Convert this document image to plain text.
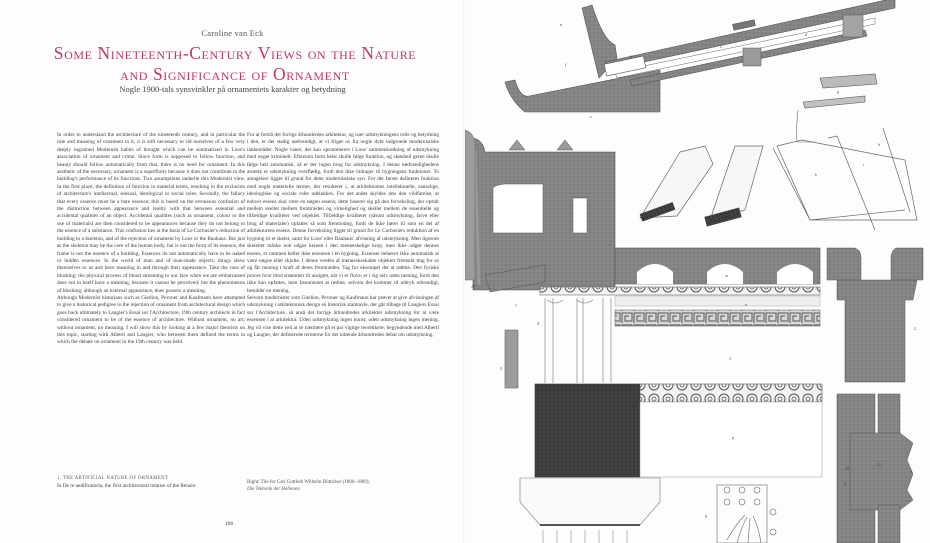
Caroline van Eck
Some Nineteenth-Century Views on the Nature
and Significance of Ornament
Nogle 1900-tals synsvinkler på ornamentets karakter og betydning

In order to understand the architecture of the nineteenth century, and in particular the role and meaning of ornament in it, it is still necessary to rid ourselves of a few very deeply ingrained Modernist habits of thought which can be summarized in Loos's association of ornament and crime. Since form is supposed to follow function, and beauty should follow automatically from that, there is no need for ornament. In this aesthetic of the necessary, ornament is a superfluity because it does not contribute to the building's performance of its functions. Two assumptions underlie this Modernist view. In the first place, the definition of function in material terms, resulting in the exclusion of architecture's intellectual, sensual, ideological or social roles. Secondly, the fallacy that every essence must be a bare essence; this is based on the erroneous confusion of the distinction between appearance and reality with that between essential and accidental qualities of an object. Accidental qualities (such as ornament, colour or the use of materials) are then considered to be appearances because they do not belong to the essence of a substance. This confusion lies at the basis of Le Corbusier's reduction of building to a skeleton, and of the rejection of ornament by Loos or the Bauhaus. But just as the skeleton may be the core of the human body, but is not the form of its essence, the frame is not the essence of a building. Essences do not automatically have to be naked or hidden essences. In the world of man and of man-made objects, things show themselves to us and have meaning in and through their appearance. Take the case of blushing: the physical process of blood streaming to our face when we are embarrassed does not in itself have a meaning, because it cannot be perceived; but the phenomenon of blushing, although an external appearance, does possess a meaning.

Although Modernist historians such as Giedion, Pevsner and Kaufmann have attempted to give a historical pedigree to the rejection of ornament from architectural design which goes back ultimately to Laugier's Essai sur l'Architecture, 19th century architects in fact considered ornament to be of the essence of architecture. Without ornament, no art; without ornament, no meaning. I will show this by looking at a few major theorists on this topic, starting with Alberti and Laugier, who between them defined the terms in which the debate on ornament in the 19th century was held.

1. THE ARTIFICIAL NATURE OF ORNAMENT
In De re aedificatoria, the first architectural treatise of the Renais-

For at forstå det forrige århundredes arkitektur, og især udsmykningens rolle og betydning i den, er det stadig nødvendigt, at vi frigør os fra nogle dybt indgroede modernistiske tankemåder. Nogle vaner, der kan opsummeres i Loos' sammenkædning af udsmykning med noget kriminelt. Eftersom form helst skulle følge funktion, og skønhed gerne skulle følge helt automatisk, så er der ingen brug for udsmykning. I denne nødvendighedens æstetik er udsmykning overflødig, fordi den ikke bidrager til bygningens funktioner. To antagelser ligger til grund for dette modernistiske syn. For det første defineres funktion med nogle materielle termer, der resulterer i, at arkitekturens intellektuelle, sanselige, ideologiske og sociale rolle udelukkes. For det andet skyldes den den vildfarelse, at enhver essens skal være en nøgen essens; dette baserer sig på den forveksling, der opstår mellem skellet mellem fremtræden og virkelighed og skellet mellem de essentielle og tilfældige kvaliteter ved objektet. Tilfældige kvaliteter (såsom udsmykning, farve eller brug af materialer) opfattes så som fremtoning, fordi de ikke hører til som en del af arkitekturens essens. Denne forveksling ligger til grund for Le Corbusiers reduktion af en bygning til et skelet, samt for Loos' eller Bauhaus' afvisning af udsmykning. Men ligesom skelettet måske nok udgør kernen i den menneskelige krop, men ikke udgør dennes essens, er rammen heller ikke essensen i en bygning. Essenser behøver ikke automatisk at være nøgne eller skjulte. I denne verden af menneskeskabte objekter fremstår ting for os og får mening i kraft af deres fremtræden. Tag for eksempel det at rødme. Den fysiske proces hvor blod strømmer til ansigtet, når vi er flove, er i sig selv uden mening, fordi den ikke kan opfattes, men fænomenet at rødme, selvom det kommer til udtryk udvendigt, besidder en mening.

Selvom modernister som Giedion, Pevsner og Kaufmann har prøvet at give afvisningen af udsmykning i arkitektonisk design en historisk stamtavle, der går tilbage til Laugiers Essai sur l'Architecture, så anså det forrige århundredes arkitekter udsmykning for at være essensen i al arkitektur. Uden udsmykning ingen kunst; uden udsmykning ingen mening. Jeg vil vise dette ved at se nærmere på et par vigtige teoretikere, begyndende med Alberti og Laugier, der definerede termerne for det nittende århundredes debat om udsmykning.

Right: Tile for Carl Gottlieb Wilhelm Bötticher (1806–1889),
Die Tektonik der Hellenen.
186
a
b
c
d
e
f
g
h
i
k
m
n
p
1
2
3
4
5
6
7
8
10
11
12
14
